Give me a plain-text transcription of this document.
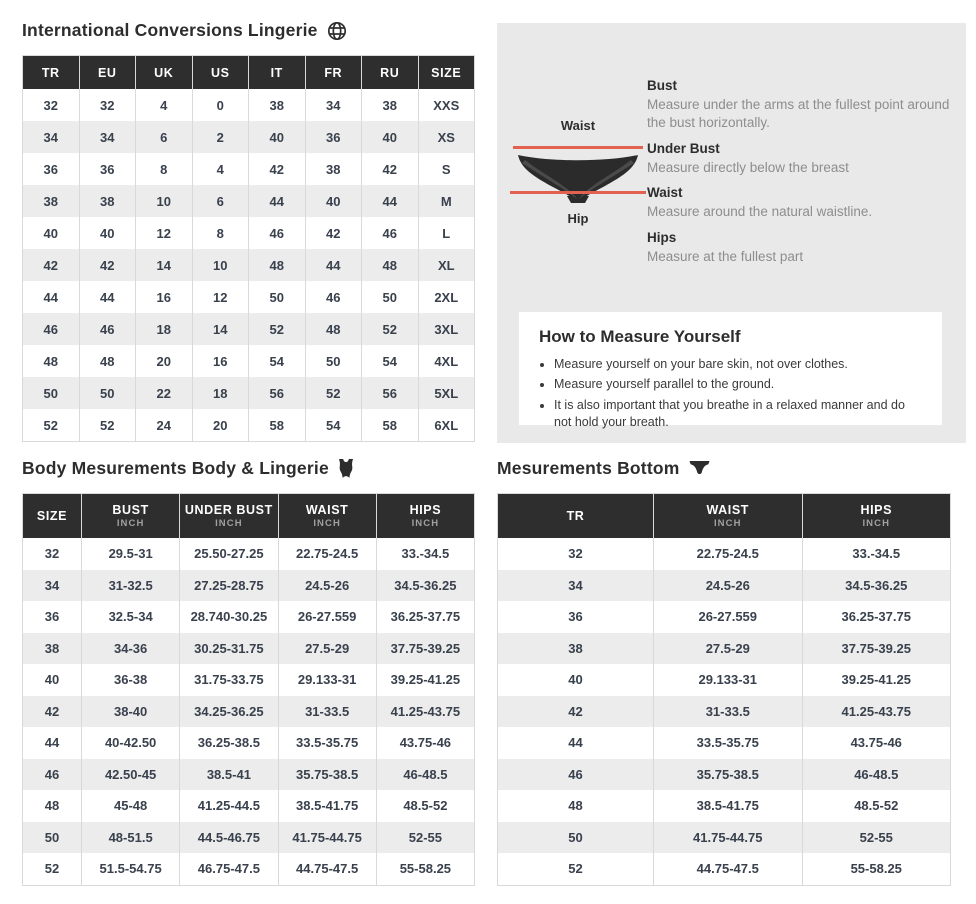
International Conversions Lingerie
TR	EU	UK	US	IT	FR	RU	SIZE
32	32	4	0	38	34	38	XXS
34	34	6	2	40	36	40	XS
36	36	8	4	42	38	42	S
38	38	10	6	44	40	44	M
40	40	12	8	46	42	46	L
42	42	14	10	48	44	48	XL
44	44	16	12	50	46	50	2XL
46	46	18	14	52	48	52	3XL
48	48	20	16	54	50	54	4XL
50	50	22	18	56	52	56	5XL
52	52	24	20	58	54	58	6XL
Waist
Hip
Bust

Measure under the arms at the fullest point around the bust horizontally.

Under Bust

Measure directly below the breast

Waist

Measure around the natural waistline.

Hips

Measure at the fullest part

How to Measure Yourself
• Measure yourself on your bare skin, not over clothes.
• Measure yourself parallel to the ground.
• It is also important that you breathe in a relaxed manner and do not hold your breath.
Body Mesurements Body & Lingerie
SIZE	BUST
INCH

UNDER BUST
INCH

WAIST
INCH

HIPS
INCH

32	29.5-31	25.50-27.25	22.75-24.5	33.-34.5
34	31-32.5	27.25-28.75	24.5-26	34.5-36.25
36	32.5-34	28.740-30.25	26-27.559	36.25-37.75
38	34-36	30.25-31.75	27.5-29	37.75-39.25
40	36-38	31.75-33.75	29.133-31	39.25-41.25
42	38-40	34.25-36.25	31-33.5	41.25-43.75
44	40-42.50	36.25-38.5	33.5-35.75	43.75-46
46	42.50-45	38.5-41	35.75-38.5	46-48.5
48	45-48	41.25-44.5	38.5-41.75	48.5-52
50	48-51.5	44.5-46.75	41.75-44.75	52-55
52	51.5-54.75	46.75-47.5	44.75-47.5	55-58.25
Mesurements Bottom
TR	WAIST
INCH

HIPS
INCH

32	22.75-24.5	33.-34.5
34	24.5-26	34.5-36.25
36	26-27.559	36.25-37.75
38	27.5-29	37.75-39.25
40	29.133-31	39.25-41.25
42	31-33.5	41.25-43.75
44	33.5-35.75	43.75-46
46	35.75-38.5	46-48.5
48	38.5-41.75	48.5-52
50	41.75-44.75	52-55
52	44.75-47.5	55-58.25
